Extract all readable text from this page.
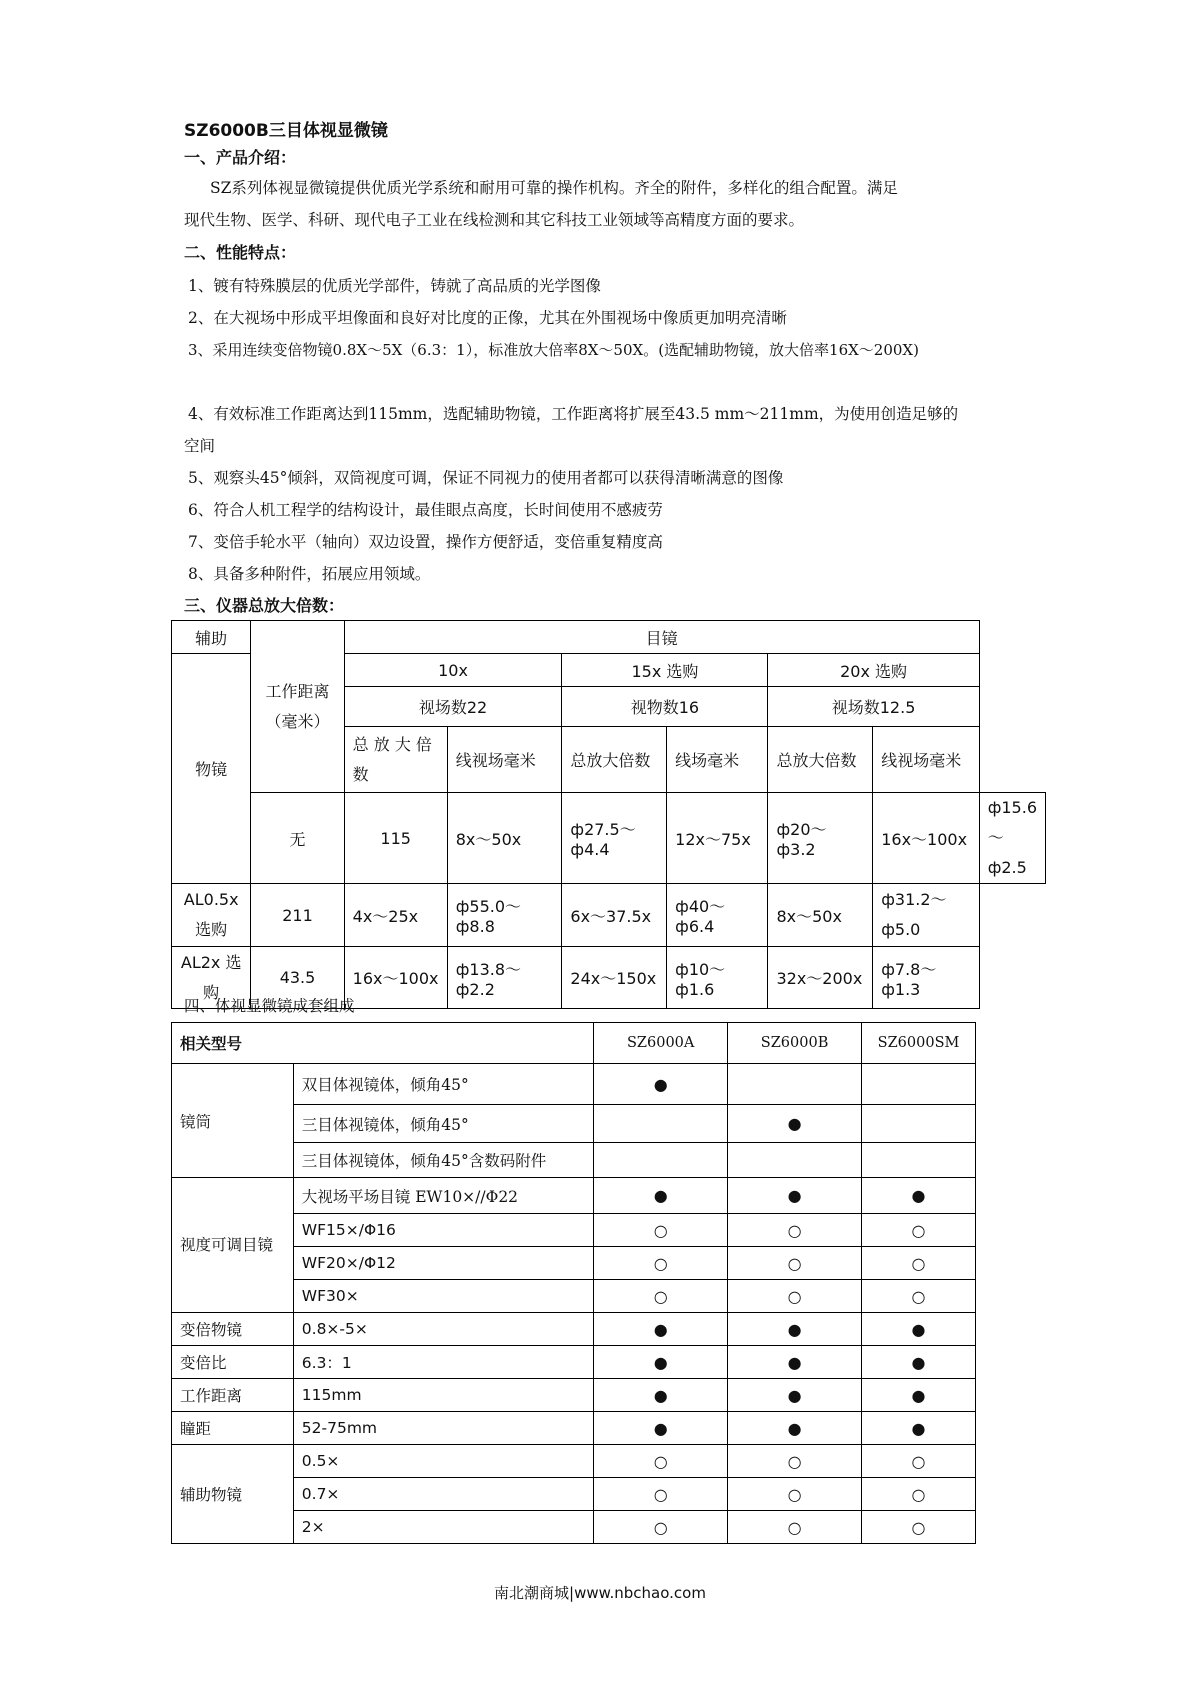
SZ6000B三目体视显微镜
一、产品介绍：
SZ系列体视显微镜提供优质光学系统和耐用可靠的操作机构。齐全的附件，多样化的组合配置。满足
现代生物、医学、科研、现代电子工业在线检测和其它科技工业领域等高精度方面的要求。
二、性能特点：
1、镀有特殊膜层的优质光学部件，铸就了高品质的光学图像
2、在大视场中形成平坦像面和良好对比度的正像，尤其在外围视场中像质更加明亮清晰
3、采用连续变倍物镜0.8X～5X（6.3：1），标准放大倍率8X～50X。(选配辅助物镜，放大倍率16X～200X)
4、有效标准工作距离达到115mm，选配辅助物镜，工作距离将扩展至43.5 mm～211mm，为使用创造足够的
空间
5、观察头45°倾斜，双筒视度可调，保证不同视力的使用者都可以获得清晰满意的图像
6、符合人机工程学的结构设计，最佳眼点高度，长时间使用不感疲劳
7、变倍手轮水平（轴向）双边设置，操作方便舒适，变倍重复精度高
8、具备多种附件，拓展应用领域。
三、仪器总放大倍数：
辅助	工作距离（毫米）	目镜						
物镜		10x		15x 选购		20x 选购		
		视场数22		视物数16		视场数12.5		
		总 放 大 倍 数	线视场毫米	总放大倍数	线场毫米	总放大倍数	线视场毫米	
	无	115	8x～50x	ф27.5～ф4.4	12x～75x	ф20～ф3.2	16x～100x	ф15.6～ф2.5
AL0.5x 选购	211	4x～25x	ф55.0～ф8.8	6x～37.5x	ф40～ф6.4	8x～50x	ф31.2～ф5.0	
AL2x 选购	43.5	16x～100x	ф13.8～ф2.2	24x～150x	ф10～ф1.6	32x～200x	ф7.8～ф1.3	
四、体视显微镜成套组成
相关型号		SZ6000A	SZ6000B	SZ6000SM
镜筒	双目体视镜体，倾角45°	●		
	三目体视镜体，倾角45°		●	
	三目体视镜体，倾角45°含数码附件			
视度可调目镜	大视场平场目镜 EW10×//Φ22	●	●	●
	WF15×/Φ16	○	○	○
	WF20×/Φ12	○	○	○
	WF30×	○	○	○
变倍物镜	0.8×-5×	●	●	●
变倍比	6.3：1	●	●	●
工作距离	115mm	●	●	●
瞳距	52-75mm	●	●	●
辅助物镜	0.5×	○	○	○
	0.7×	○	○	○
	2×	○	○	○
南北潮商城|www.nbchao.com
